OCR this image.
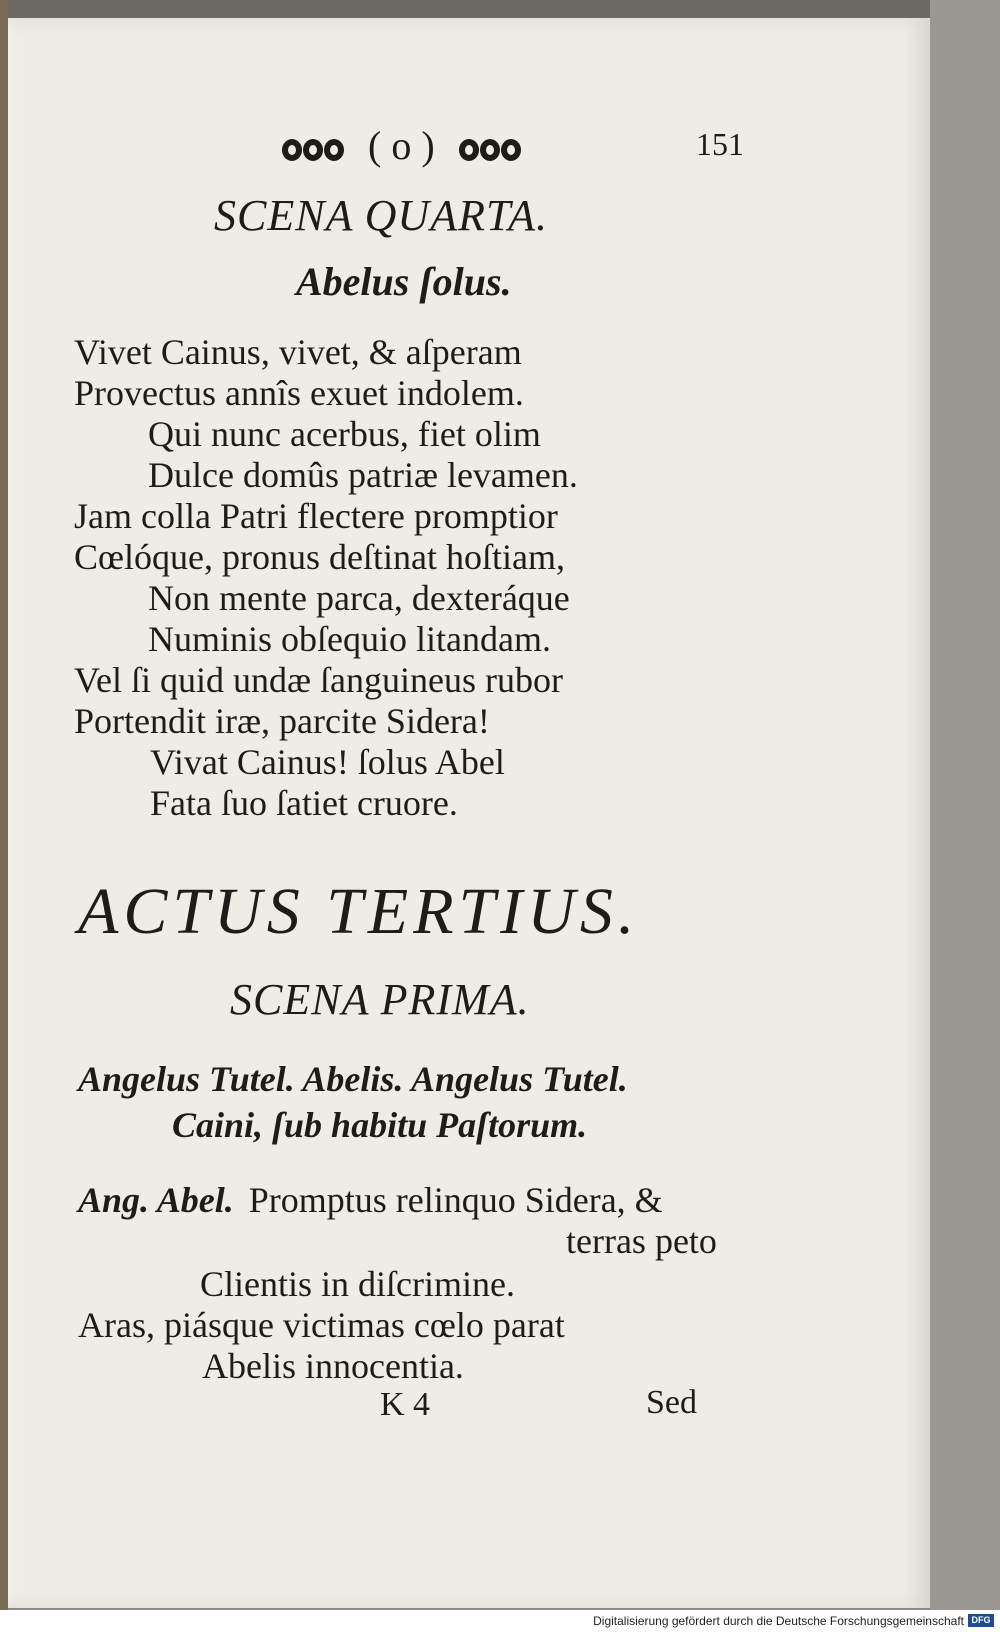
( o )	151
SCENA QUARTA.
Abelus ſolus.
Vivet Cainus, vivet, & aſperam
Provectus annîs exuet indolem.
Qui nunc acerbus, fiet olim
Dulce domûs patriæ levamen.
Jam colla Patri flectere promptior
Cœlóque, pronus deſtinat hoſtiam,
Non mente parca, dexteráque
Numinis obſequio litandam.
Vel ſi quid undæ ſanguineus rubor
Portendit iræ, parcite Sidera!
Vivat Cainus! ſolus Abel
Fata ſuo ſatiet cruore.
ACTUS TERTIUS.
SCENA PRIMA.
Angelus Tutel. Abelis. Angelus Tutel.
Caini, ſub habitu Paſtorum.
Ang. Abel. Promptus relinquo Sidera, &
terras peto
Clientis in diſcrimine.
Aras, piásque victimas cœlo parat
Abelis innocentia.
K 4	Sed
Digitalisierung gefördert durch die Deutsche Forschungsgemeinschaft DFG
